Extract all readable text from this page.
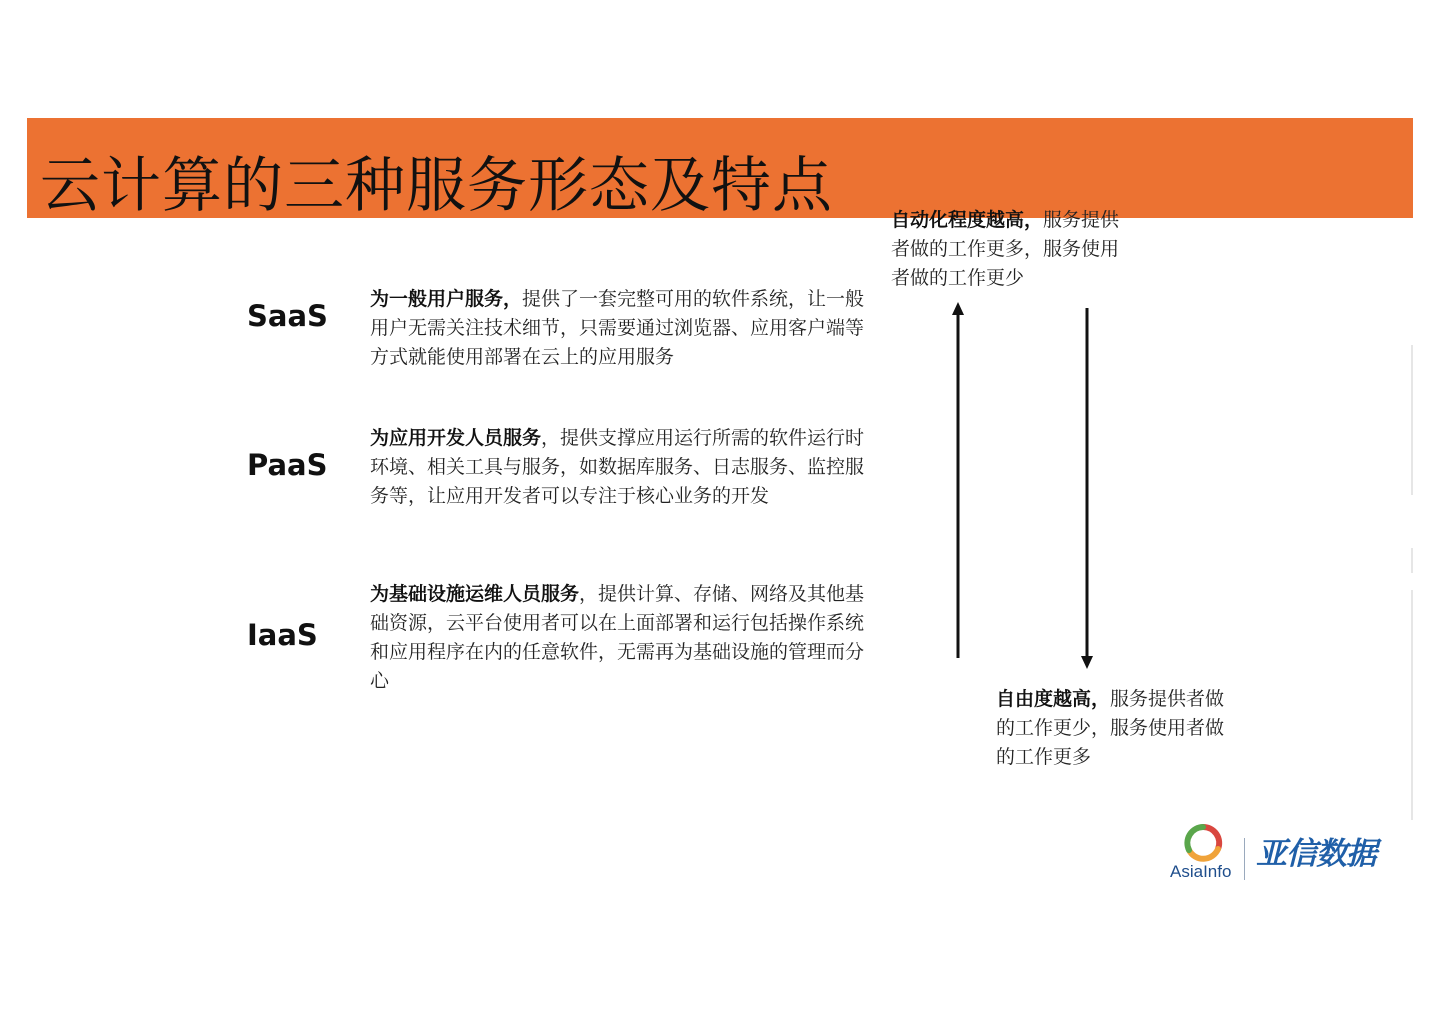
云计算的三种服务形态及特点
SaaS 为一般用户服务，提供了一套完整可用的软件系统，让一般用户无需关注技术细节，只需要通过浏览器、应用客户端等方式就能使用部署在云上的应用服务
PaaS
为应用开发人员服务，提供支撑应用运行所需的软件运行时环境、相关工具与服务，如数据库服务、日志服务、监控服务等，让应用开发者可以专注于核心业务的开发
IaaS
为基础设施运维人员服务，提供计算、存储、网络及其他基础资源，云平台使用者可以在上面部署和运行包括操作系统和应用程序在内的任意软件，无需再为基础设施的管理而分心
自动化程度越高，服务提供者做的工作更多，服务使用者做的工作更少
自由度越高，服务提供者做的工作更少，服务使用者做的工作更多
AsiaInfo 亚信数据
